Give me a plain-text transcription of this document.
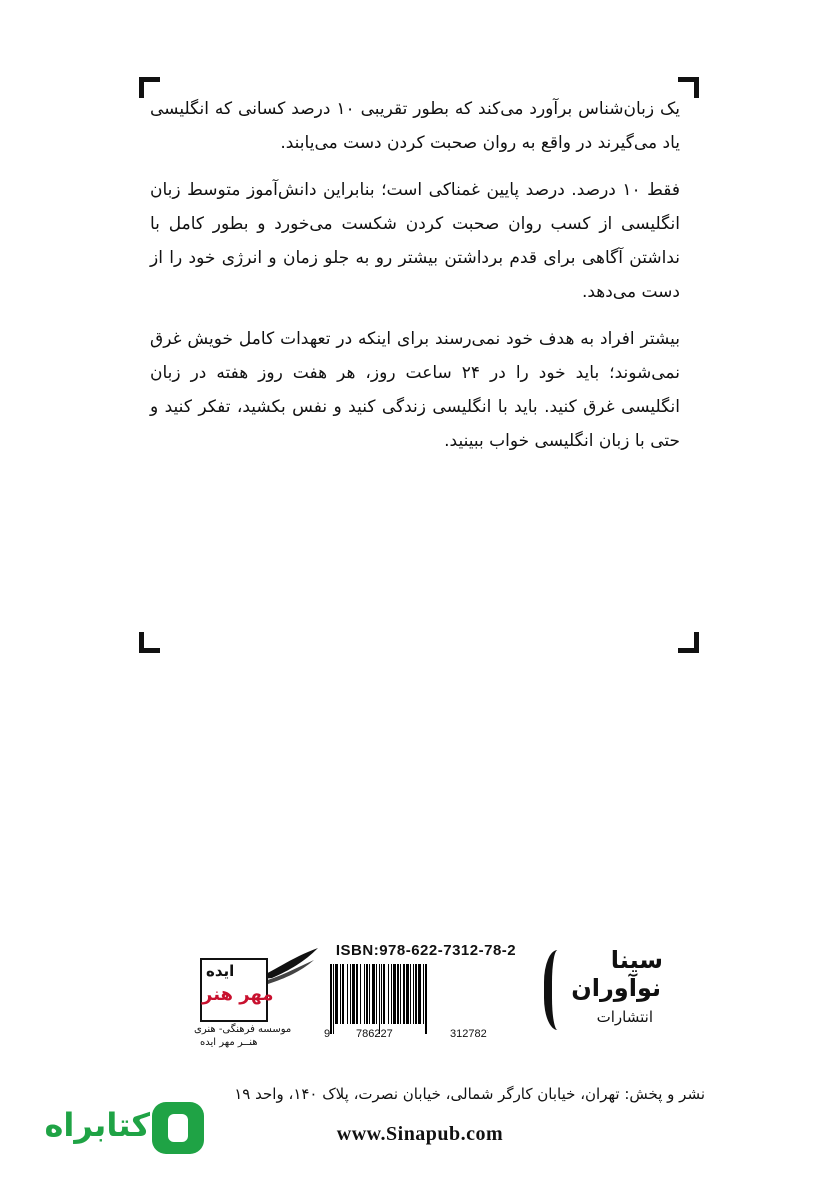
یک زبان‌شناس برآورد می‌کند که بطور تقریبی ۱۰ درصد کسانی که انگلیسی یاد می‌گیرند در واقع به روان صحبت کردن دست می‌یابند.

فقط ۱۰ درصد. درصد پایین غمناکی است؛ بنابراین دانش‌آموز متوسط زبان انگلیسی از کسب روان صحبت کردن شکست می‌خورد و بطور کامل با نداشتن آگاهی برای قدم برداشتن بیشتر رو به جلو زمان و انرژی خود را از دست می‌دهد.

بیشتر افراد به هدف خود نمی‌رسند برای اینکه در تعهدات کامل خویش غرق نمی‌شوند؛ باید خود را در ۲۴ ساعت روز، هر هفت روز هفته در زبان انگلیسی غرق کنید. باید با انگلیسی زندگی کنید و نفس بکشید، تفکر کنید و حتی با زبان انگلیسی خواب ببینید.

سینا
نوآوران
انتشارات
ISBN:978-622-7312-78-2
9 786227	312782
ایده
مهر هنر
موسسه فرهنگی- هنری
هنــر مهر ایده
نشر و پخش: تهران، خیابان کارگر شمالی، خیابان نصرت، پلاک ۱۴۰، واحد ۱۹
www.Sinapub.com
کتابراه
